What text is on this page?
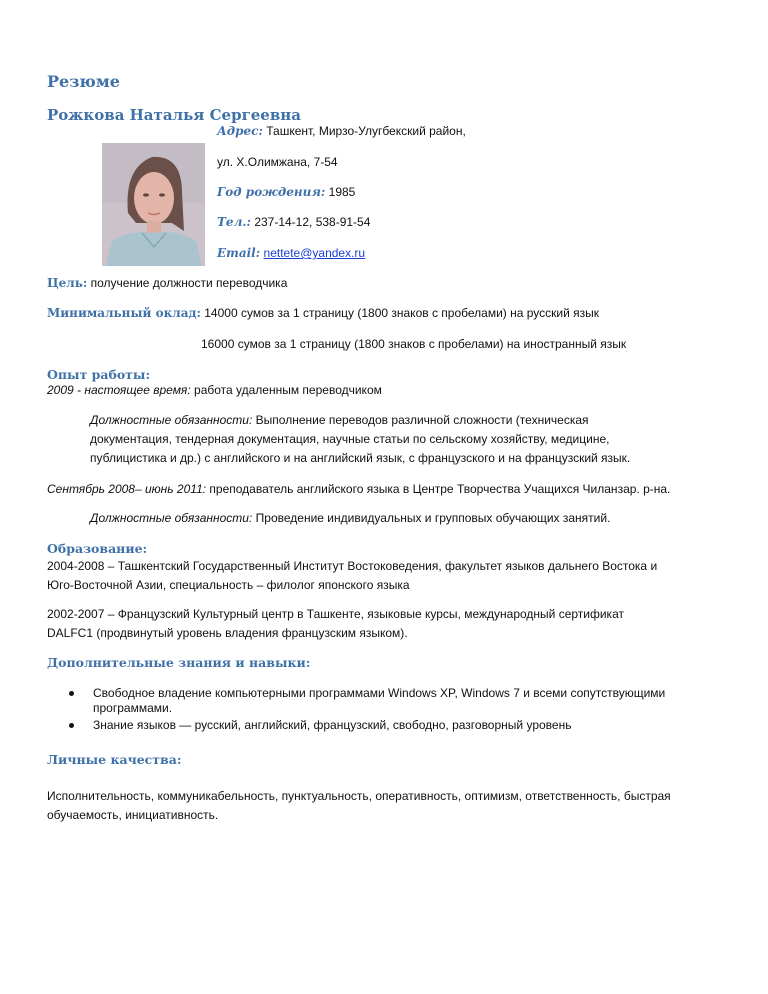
Резюме
Рожкова Наталья Сергеевна
Адрес: Ташкент, Мирзо-Улугбекский район,
ул. Х.Олимжана, 7-54
Год рождения: 1985
Тел.: 237-14-12, 538-91-54
Email: nettete@yandex.ru
Цель: получение должности переводчика
Минимальный оклад: 14000 сумов за 1 страницу (1800 знаков с пробелами) на русский язык
16000 сумов за 1 страницу (1800 знаков с пробелами) на иностранный язык
Опыт работы:
2009 - настоящее время: работа удаленным переводчиком
Должностные обязанности: Выполнение переводов различной сложности (техническая
документация, тендерная документация, научные статьи по сельскому хозяйству, медицине,
публицистика и др.) с английского и на английский язык, с французского и на французский язык.
Сентябрь 2008– июнь 2011: преподаватель английского языка в Центре Творчества Учащихся Чиланзар. р-на.
Должностные обязанности: Проведение индивидуальных и групповых обучающих занятий.
Образование:
2004-2008 – Ташкентский Государственный Институт Востоковедения, факультет языков дальнего Востока и
Юго-Восточной Азии, специальность – филолог японского языка
2002-2007 – Французский Культурный центр в Ташкенте, языковые курсы, международный сертификат
DALFC1 (продвинутый уровень владения французским языком).
Дополнительные знания и навыки:
Свободное владение компьютерными программами Windows XP, Windows 7 и всеми сопутствующими
программами.
Знание языков — русский, английский, французский, свободно, разговорный уровень
Личные качества:
Исполнительность, коммуникабельность, пунктуальность, оперативность, оптимизм, ответственность, быстрая
обучаемость, инициативность.
